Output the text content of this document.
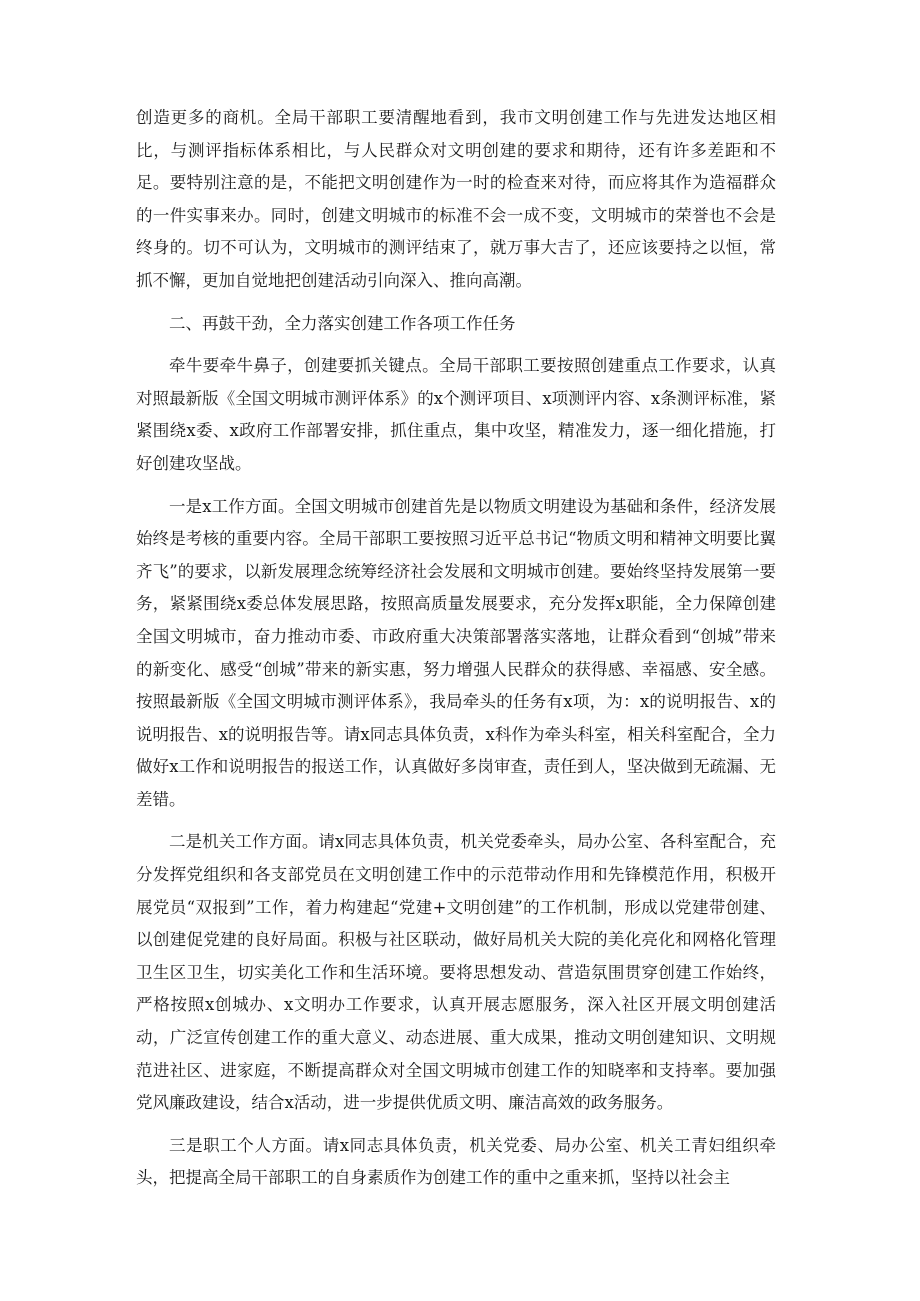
创造更多的商机。全局干部职工要清醒地看到，我市文明创建工作与先进发达地区相比，与测评指标体系相比，与人民群众对文明创建的要求和期待，还有许多差距和不足。要特别注意的是，不能把文明创建作为一时的检查来对待，而应将其作为造福群众的一件实事来办。同时，创建文明城市的标准不会一成不变，文明城市的荣誉也不会是终身的。切不可认为，文明城市的测评结束了，就万事大吉了，还应该要持之以恒，常抓不懈，更加自觉地把创建活动引向深入、推向高潮。

二、再鼓干劲，全力落实创建工作各项工作任务

牵牛要牵牛鼻子，创建要抓关键点。全局干部职工要按照创建重点工作要求，认真对照最新版《全国文明城市测评体系》的x个测评项目、x项测评内容、x条测评标准，紧紧围绕x委、x政府工作部署安排，抓住重点，集中攻坚，精准发力，逐一细化措施，打好创建攻坚战。

一是x工作方面。全国文明城市创建首先是以物质文明建设为基础和条件，经济发展始终是考核的重要内容。全局干部职工要按照习近平总书记“物质文明和精神文明要比翼齐飞”的要求，以新发展理念统筹经济社会发展和文明城市创建。要始终坚持发展第一要务，紧紧围绕x委总体发展思路，按照高质量发展要求，充分发挥x职能，全力保障创建全国文明城市，奋力推动市委、市政府重大决策部署落实落地，让群众看到“创城”带来的新变化、感受“创城”带来的新实惠，努力增强人民群众的获得感、幸福感、安全感。按照最新版《全国文明城市测评体系》，我局牵头的任务有x项，为：x的说明报告、x的说明报告、x的说明报告等。请x同志具体负责，x科作为牵头科室，相关科室配合，全力做好x工作和说明报告的报送工作，认真做好多岗审查，责任到人，坚决做到无疏漏、无差错。

二是机关工作方面。请x同志具体负责，机关党委牵头，局办公室、各科室配合，充分发挥党组织和各支部党员在文明创建工作中的示范带动作用和先锋模范作用，积极开展党员“双报到”工作，着力构建起“党建+文明创建”的工作机制，形成以党建带创建、以创建促党建的良好局面。积极与社区联动，做好局机关大院的美化亮化和网格化管理卫生区卫生，切实美化工作和生活环境。要将思想发动、营造氛围贯穿创建工作始终，严格按照x创城办、x文明办工作要求，认真开展志愿服务，深入社区开展文明创建活动，广泛宣传创建工作的重大意义、动态进展、重大成果，推动文明创建知识、文明规范进社区、进家庭，不断提高群众对全国文明城市创建工作的知晓率和支持率。要加强党风廉政建设，结合x活动，进一步提供优质文明、廉洁高效的政务服务。

三是职工个人方面。请x同志具体负责，机关党委、局办公室、机关工青妇组织牵头，把提高全局干部职工的自身素质作为创建工作的重中之重来抓，坚持以社会主
